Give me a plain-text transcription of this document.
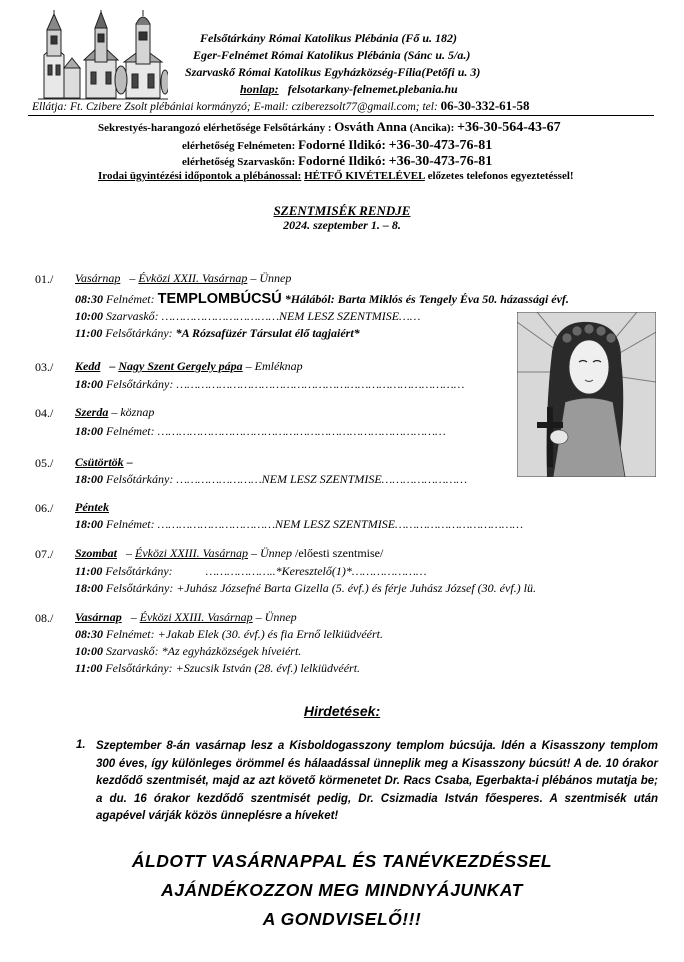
Felsőtárkány Római Katolikus Plébánia (Fő u. 182)
Eger-Felnémet Római Katolikus Plébánia (Sánc u. 5/a.)
Szarvaskő Római Katolikus Egyházközség-Fília(Petőfi u. 3)
honlap: felsotarkany-felnemet.plebania.hu
Ellátja: Ft. Czibere Zsolt plébániai kormányzó; E-mail: cziberezsolt77@gmail.com; tel: 06-30-332-61-58
Sekrestyés-harangozó elérhetősége Felsőtárkány : Osváth Anna (Ancika): +36-30-564-43-67
elérhetőség Felnémeten: Fodorné Ildikó: +36-30-473-76-81
elérhetőség Szarvaskőn: Fodorné Ildikó: +36-30-473-76-81
Irodai ügyintézési időpontok a plébánossal: HÉTFŐ KIVÉTELÉVEL előzetes telefonos egyeztetéssel!
SZENTMISÉK RENDJE
2024. szeptember 1. – 8.
01./ Vasárnap – Évközi XXII. Vasárnap – Ünnep
08:30 Felnémet: TEMPLOMBÚCSÚ *Hálából: Barta Miklós és Tengely Éva 50. házassági évf.
10:00 Szarvaskő: ……………………………NEM LESZ SZENTMISE……
11:00 Felsőtárkány: *A Rózsafüzér Társulat élő tagjaiért*
03./ Kedd – Nagy Szent Gergely pápa – Emléknap
18:00 Felsőtárkány: ………………………………………………………………………
04./ Szerda – köznap
18:00 Felnémet: ………………………………………………………………………
05./ Csütörtök –
18:00 Felsőtárkány: ……………………NEM LESZ SZENTMISE……………………
06./ Péntek
18:00 Felnémet: ……………………………NEM LESZ SZENTMISE………………………………
07./ Szombat – Évközi XXIII. Vasárnap – Ünnep /előesti szentmise/
11:00 Felsőtárkány:	………………..*Keresztelő(1)*…………………
18:00 Felsőtárkány: +Juhász Józsefné Barta Gizella (5. évf.) és férje Juhász József (30. évf.) lü.
08./ Vasárnap – Évközi XXIII. Vasárnap – Ünnep
08:30 Felnémet: +Jakab Elek (30. évf.) és fia Ernő lelkiüdvéért.
10:00 Szarvaskő: *Az egyházközségek híveiért.
11:00 Felsőtárkány: +Szucsik István (28. évf.) lelkiüdvéért.
Hirdetések:
1. Szeptember 8-án vasárnap lesz a Kisboldogasszony templom búcsúja. Idén a Kisasszony templom 300 éves, így különleges örömmel és hálaadással ünneplik meg a Kisasszony búcsút! A de. 10 órakor kezdődő szentmisét, majd az azt követő körmenetet Dr. Racs Csaba, Egerbakta-i plébános mutatja be; a du. 16 órakor kezdődő szentmisét pedig, Dr. Csizmadia István főesperes. A szentmisék után agapével várják közös ünneplésre a híveket!
ÁLDOTT VASÁRNAPPAL ÉS TANÉVKEZDÉSSEL
AJÁNDÉKOZZON MEG MINDNYÁJUNKAT
A GONDVISELŐ!!!
